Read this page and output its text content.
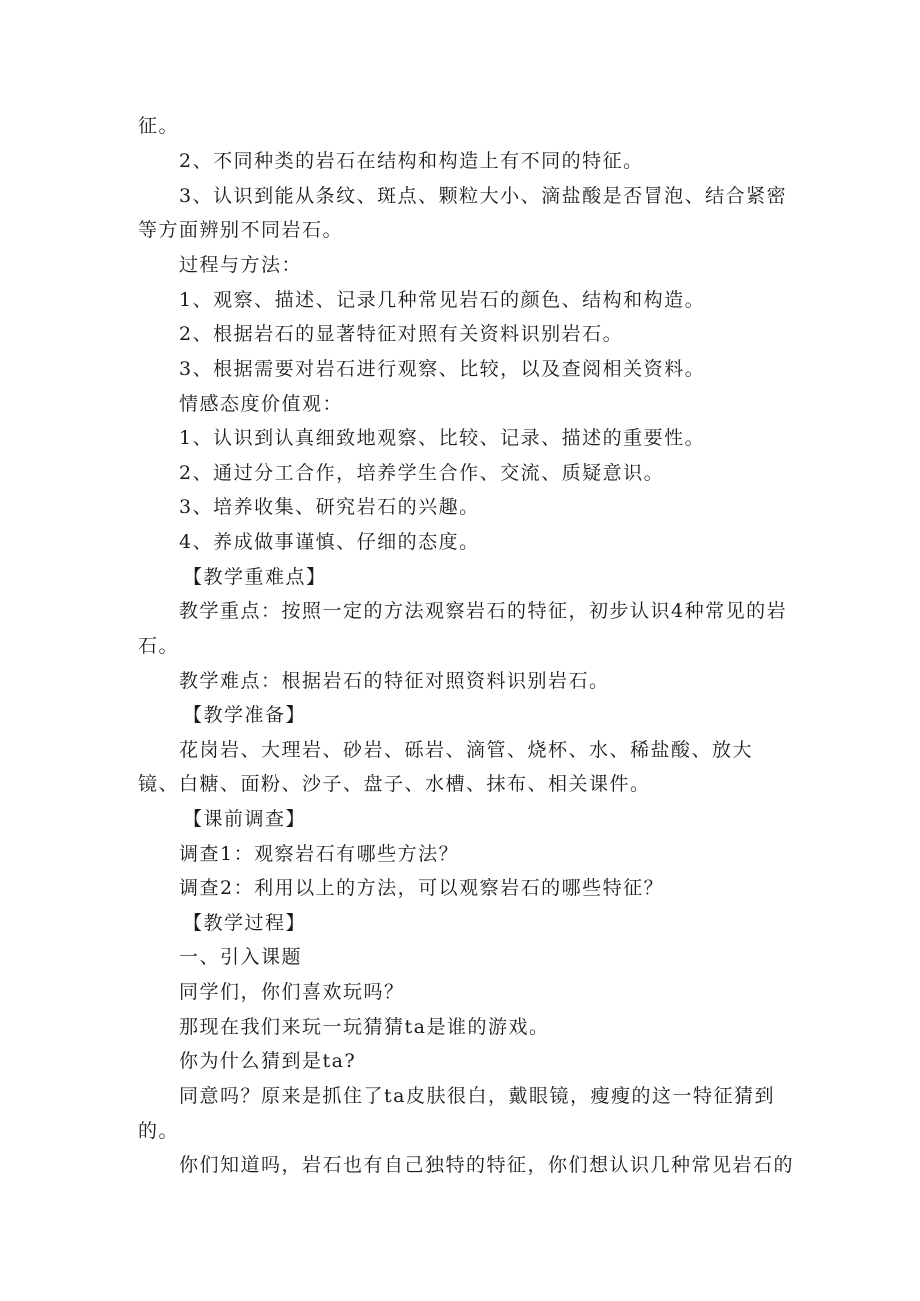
征。
2、不同种类的岩石在结构和构造上有不同的特征。
3、认识到能从条纹、斑点、颗粒大小、滴盐酸是否冒泡、结合紧密
等方面辨别不同岩石。
过程与方法：
1、观察、描述、记录几种常见岩石的颜色、结构和构造。
2、根据岩石的显著特征对照有关资料识别岩石。
3、根据需要对岩石进行观察、比较，以及查阅相关资料。
情感态度价值观：
1、认识到认真细致地观察、比较、记录、描述的重要性。
2、通过分工合作，培养学生合作、交流、质疑意识。
3、培养收集、研究岩石的兴趣。
4、养成做事谨慎、仔细的态度。
【教学重难点】
教学重点：按照一定的方法观察岩石的特征，初步认识4种常见的岩
石。
教学难点：根据岩石的特征对照资料识别岩石。
【教学准备】
花岗岩、大理岩、砂岩、砾岩、滴管、烧杯、水、稀盐酸、放大
镜、白糖、面粉、沙子、盘子、水槽、抹布、相关课件。
【课前调查】
调查1：观察岩石有哪些方法？
调查2：利用以上的方法，可以观察岩石的哪些特征？
【教学过程】
一、引入课题
同学们，你们喜欢玩吗？
那现在我们来玩一玩猜猜ta是谁的游戏。
你为什么猜到是ta?
同意吗？原来是抓住了ta皮肤很白，戴眼镜，瘦瘦的这一特征猜到
的。
你们知道吗，岩石也有自己独特的特征，你们想认识几种常见岩石的
